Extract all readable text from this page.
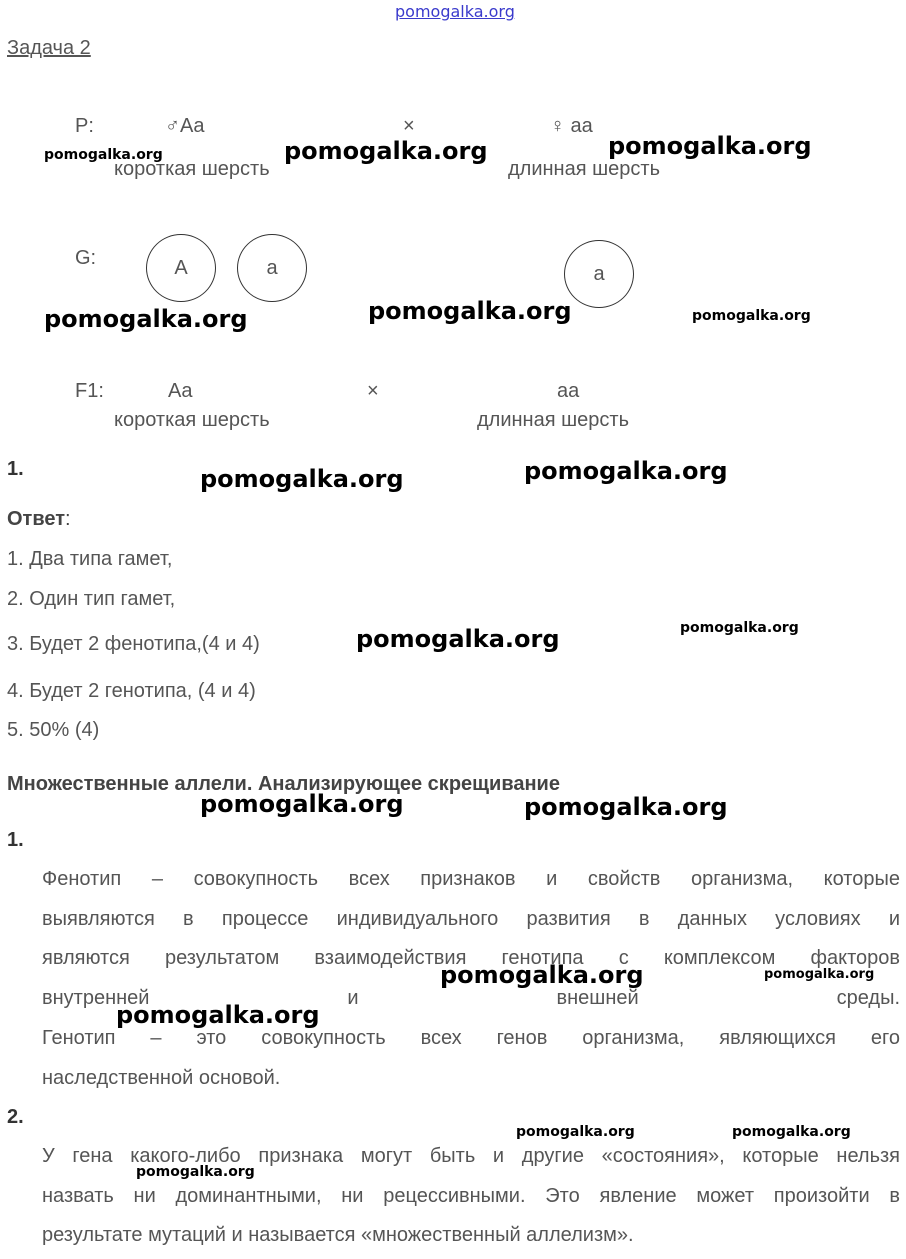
pomogalka.org
Задача 2
P:	♂Aa	×	♀ aa
короткая шерсть	длинная шерсть
G:	A	a	a
F1:	Aa	×	aa
короткая шерсть	длинная шерсть
1.
Ответ:
1. Два типа гамет,
2. Один тип гамет,
3. Будет 2 фенотипа,(4 и 4)
4. Будет 2 генотипа, (4 и 4)
5. 50% (4)
Множественные аллели. Анализирующее скрещивание
1.
Фенотип – совокупность всех признаков и свойств организма, которые
выявляются в процессе индивидуального развития в данных условиях и
являются результатом взаимодействия генотипа с комплексом факторов
внутренней и внешней среды.
Генотип – это совокупность всех генов организма, являющихся его
наследственной основой.
2.
У гена какого-либо признака могут быть и другие «состояния», которые нельзя
назвать ни доминантными, ни рецессивными. Это явление может произойти в
результате мутаций и называется «множественный аллелизм».
pomogalka.org	pomogalka.org	pomogalka.org
pomogalka.org	pomogalka.org	pomogalka.org
pomogalka.org	pomogalka.org
pomogalka.org	pomogalka.org
pomogalka.org	pomogalka.org
pomogalka.org	pomogalka.org
pomogalka.org
pomogalka.org	pomogalka.org
pomogalka.org
